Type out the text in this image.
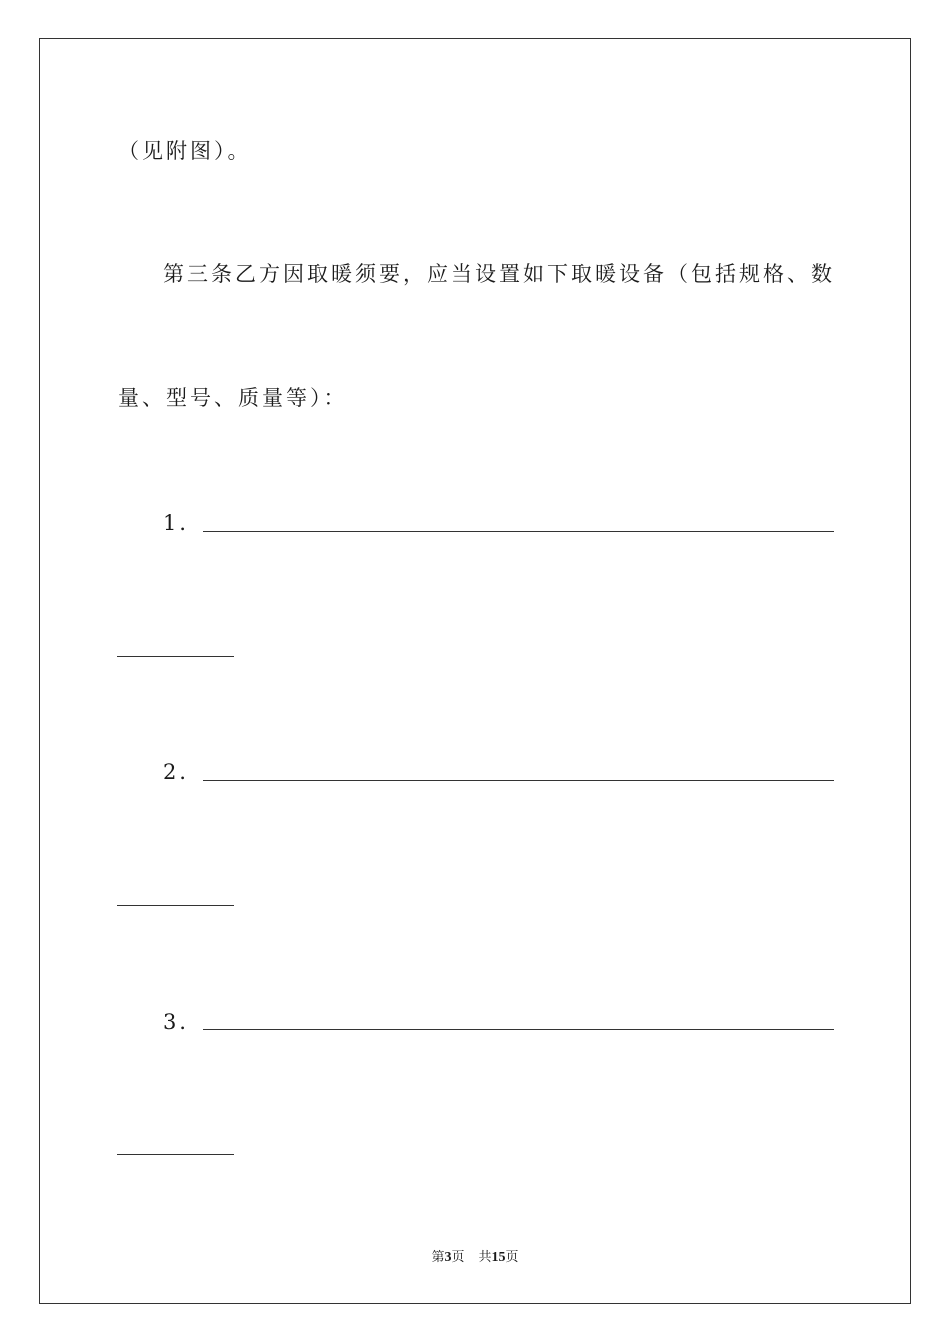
（见附图）。
第三条乙方因取暖须要，应当设置如下取暖设备（包括规格、数
量、型号、质量等）：
1．
2．
3．
第3页 共15页
